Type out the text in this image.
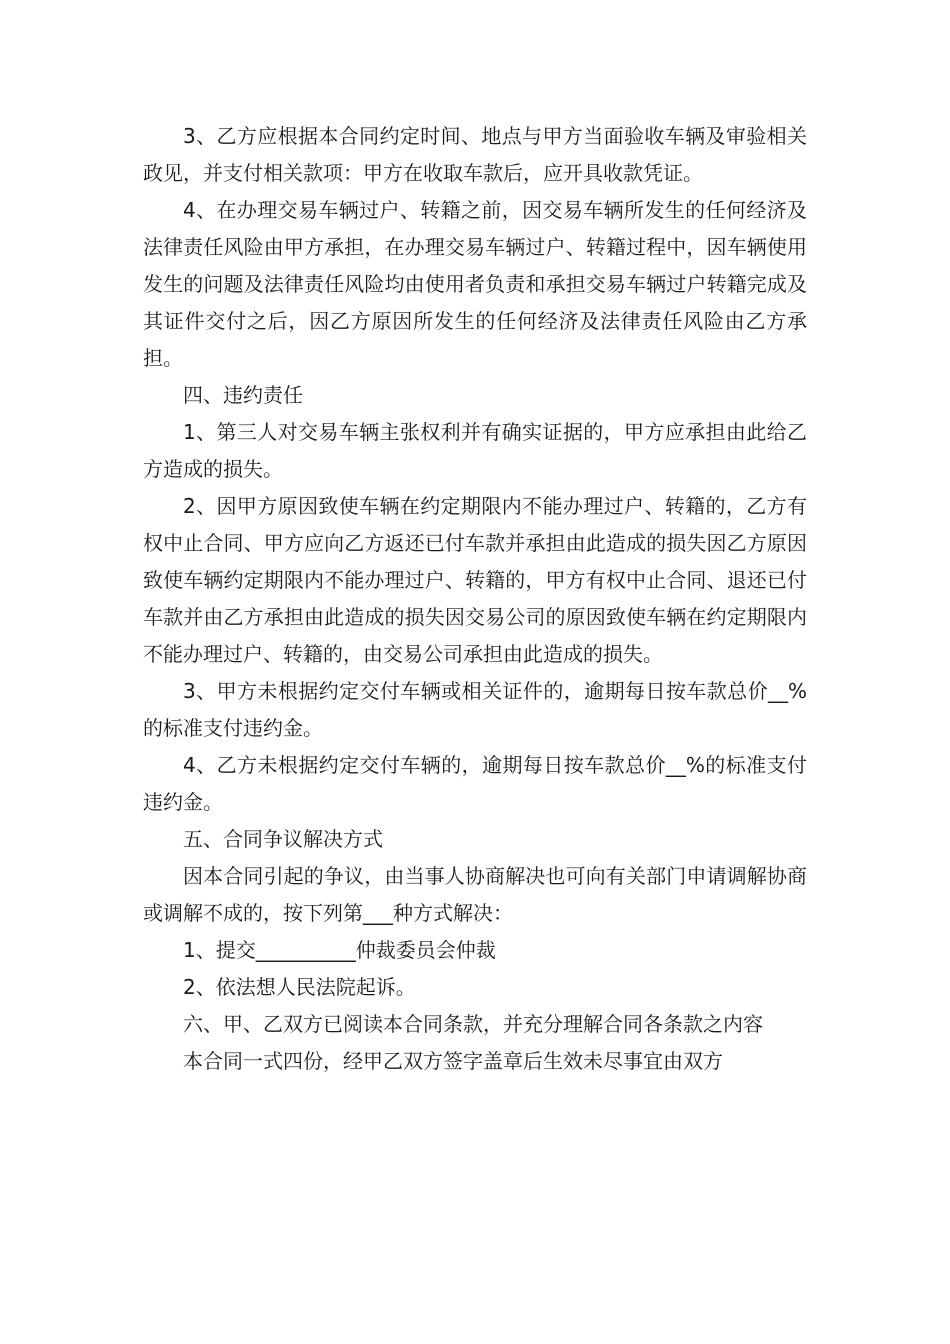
3、乙方应根据本合同约定时间、地点与甲方当面验收车辆及审验相关政见，并支付相关款项：甲方在收取车款后，应开具收款凭证。

4、在办理交易车辆过户、转籍之前，因交易车辆所发生的任何经济及法律责任风险由甲方承担，在办理交易车辆过户、转籍过程中，因车辆使用发生的问题及法律责任风险均由使用者负责和承担交易车辆过户转籍完成及其证件交付之后，因乙方原因所发生的任何经济及法律责任风险由乙方承担。

四、违约责任

1、第三人对交易车辆主张权利并有确实证据的，甲方应承担由此给乙方造成的损失。

2、因甲方原因致使车辆在约定期限内不能办理过户、转籍的，乙方有权中止合同、甲方应向乙方返还已付车款并承担由此造成的损失因乙方原因致使车辆约定期限内不能办理过户、转籍的，甲方有权中止合同、退还已付车款并由乙方承担由此造成的损失因交易公司的原因致使车辆在约定期限内不能办理过户、转籍的，由交易公司承担由此造成的损失。

3、甲方未根据约定交付车辆或相关证件的，逾期每日按车款总价__%的标准支付违约金。

4、乙方未根据约定交付车辆的，逾期每日按车款总价__%的标准支付违约金。

五、合同争议解决方式

因本合同引起的争议，由当事人协商解决也可向有关部门申请调解协商或调解不成的，按下列第___种方式解决：

1、提交__________仲裁委员会仲裁

2、依法想人民法院起诉。

六、甲、乙双方已阅读本合同条款，并充分理解合同各条款之内容

本合同一式四份，经甲乙双方签字盖章后生效未尽事宜由双方
